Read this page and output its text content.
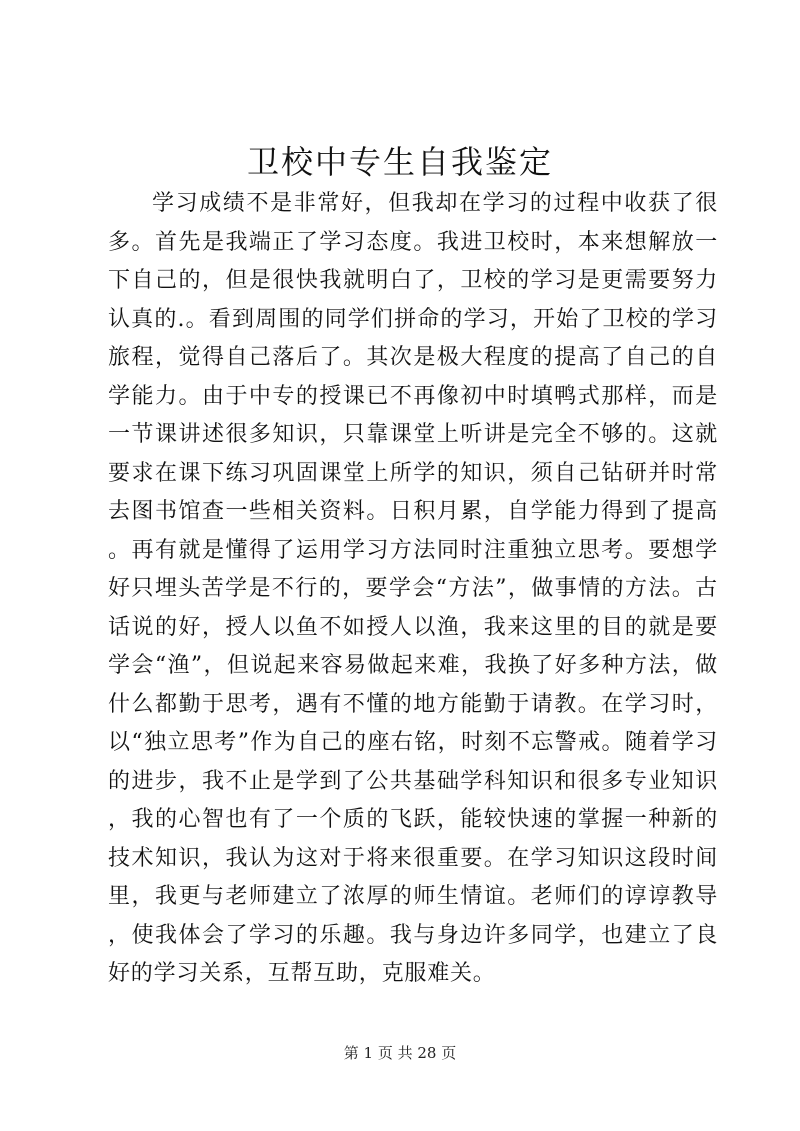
卫校中专生自我鉴定

学习成绩不是非常好，但我却在学习的过程中收获了很多。首先是我端正了学习态度。我进卫校时，本来想解放一下自己的，但是很快我就明白了，卫校的学习是更需要努力认真的.。看到周围的同学们拼命的学习，开始了卫校的学习旅程，觉得自己落后了。其次是极大程度的提高了自己的自学能力。由于中专的授课已不再像初中时填鸭式那样，而是一节课讲述很多知识，只靠课堂上听讲是完全不够的。这就要求在课下练习巩固课堂上所学的知识，须自己钻研并时常去图书馆查一些相关资料。日积月累，自学能力得到了提高。再有就是懂得了运用学习方法同时注重独立思考。要想学好只埋头苦学是不行的，要学会“方法”，做事情的方法。古话说的好，授人以鱼不如授人以渔，我来这里的目的就是要学会“渔”，但说起来容易做起来难，我换了好多种方法，做什么都勤于思考，遇有不懂的地方能勤于请教。在学习时，以“独立思考”作为自己的座右铭，时刻不忘警戒。随着学习的进步，我不止是学到了公共基础学科知识和很多专业知识，我的心智也有了一个质的飞跃，能较快速的掌握一种新的技术知识，我认为这对于将来很重要。在学习知识这段时间里，我更与老师建立了浓厚的师生情谊。老师们的谆谆教导，使我体会了学习的乐趣。我与身边许多同学，也建立了良好的学习关系，互帮互助，克服难关。

第 1 页 共 28 页
